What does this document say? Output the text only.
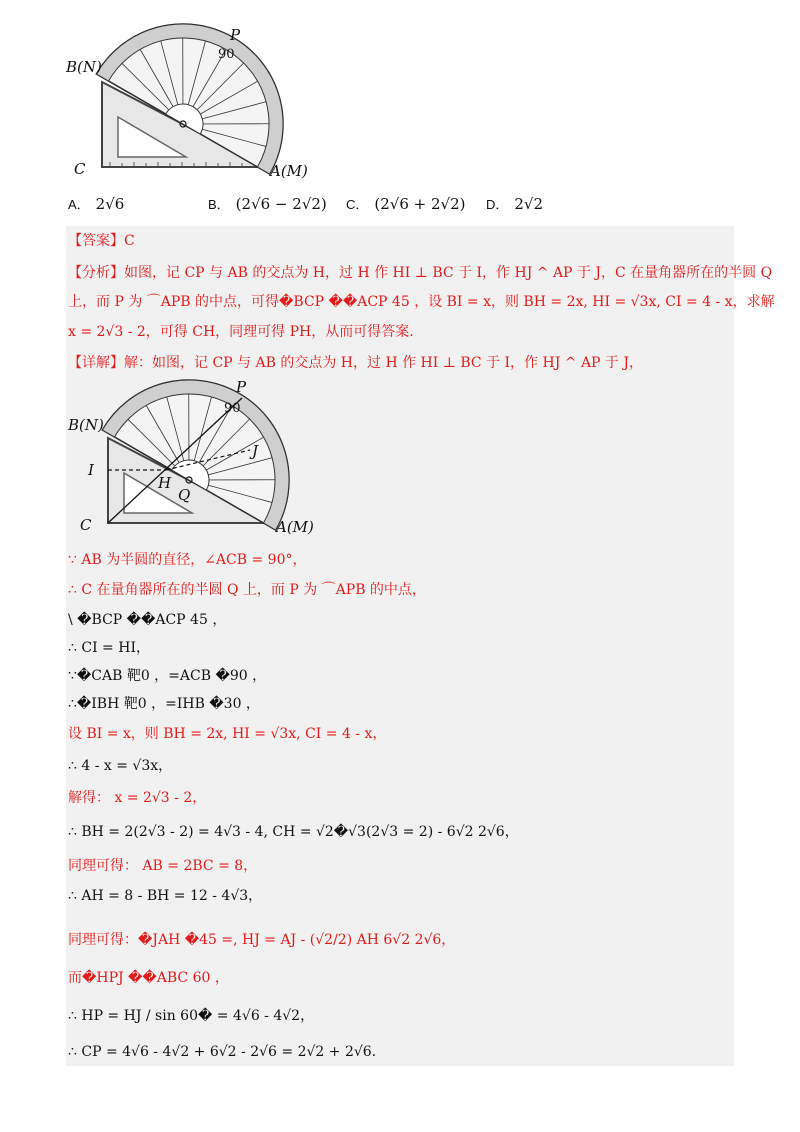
P
90
B(N)
C	A(M)
A． 2√6	B． (2√6 − 2√2) C． (2√6 + 2√2) D． 2√2
【答案】C
【分析】如图，记 CP 与 AB 的交点为 H，过 H 作 HI ⊥ BC 于 I，作 HJ ^ AP 于 J，C 在量角器所在的半圆 Q
上，而 P 为 ⌒APB 的中点，可得�BCP ��ACP 45 ，设 BI = x，则 BH = 2x, HI = √3x, CI = 4 - x，求解
x = 2√3 - 2，可得 CH，同理可得 PH，从而可得答案.
【详解】解：如图，记 CP 与 AB 的交点为 H，过 H 作 HI ⊥ BC 于 I，作 HJ ^ AP 于 J，
P
90
B(N)
I
H
Q
J
C	A(M)
∵ AB 为半圆的直径，∠ACB = 90°，
∴ C 在量角器所在的半圆 Q 上，而 P 为 ⌒APB 的中点，
\ �BCP ��ACP 45 ，
∴ CI = HI，
∵�CAB 靶0 ，=ACB �90 ，
∴�IBH 靶0 ，=IHB �30 ，
设 BI = x，则 BH = 2x, HI = √3x, CI = 4 - x，
∴ 4 - x = √3x，
解得： x = 2√3 - 2，
∴ BH = 2(2√3 - 2) = 4√3 - 4, CH = √2�√3(2√3 = 2) - 6√2 2√6，
同理可得： AB = 2BC = 8，
∴ AH = 8 - BH = 12 - 4√3，
同理可得：�JAH �45 =, HJ = AJ - (√2/2) AH 6√2 2√6，
而�HPJ ��ABC 60 ，
∴ HP = HJ / sin 60� = 4√6 - 4√2，
∴ CP = 4√6 - 4√2 + 6√2 - 2√6 = 2√2 + 2√6.
